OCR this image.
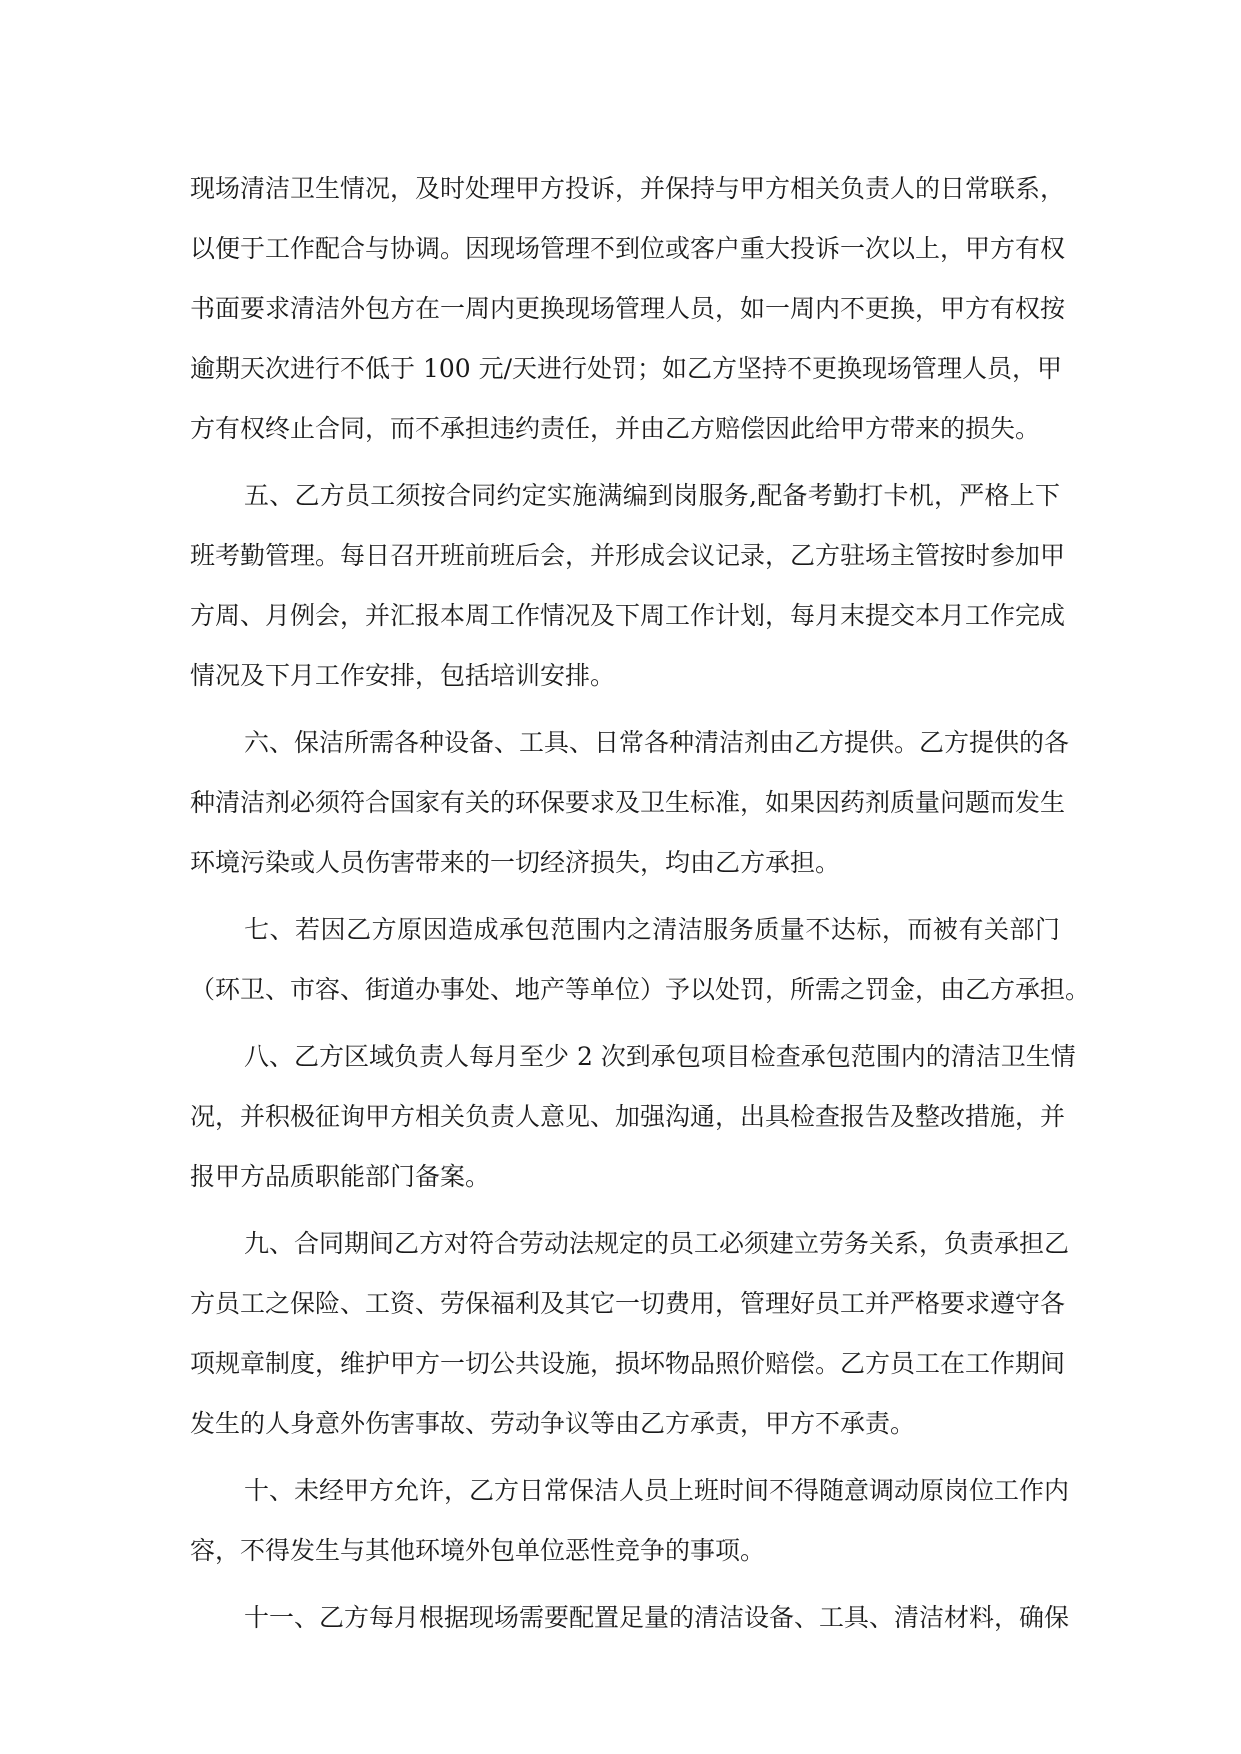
现场清洁卫生情况，及时处理甲方投诉，并保持与甲方相关负责人的日常联系，

以便于工作配合与协调。因现场管理不到位或客户重大投诉一次以上，甲方有权

书面要求清洁外包方在一周内更换现场管理人员，如一周内不更换，甲方有权按

逾期天次进行不低于 100 元/天进行处罚；如乙方坚持不更换现场管理人员，甲

方有权终止合同，而不承担违约责任，并由乙方赔偿因此给甲方带来的损失。

五、乙方员工须按合同约定实施满编到岗服务,配备考勤打卡机，严格上下

班考勤管理。每日召开班前班后会，并形成会议记录，乙方驻场主管按时参加甲

方周、月例会，并汇报本周工作情况及下周工作计划，每月末提交本月工作完成

情况及下月工作安排，包括培训安排。

六、保洁所需各种设备、工具、日常各种清洁剂由乙方提供。乙方提供的各

种清洁剂必须符合国家有关的环保要求及卫生标准，如果因药剂质量问题而发生

环境污染或人员伤害带来的一切经济损失，均由乙方承担。

七、若因乙方原因造成承包范围内之清洁服务质量不达标，而被有关部门

（环卫、市容、街道办事处、地产等单位）予以处罚，所需之罚金，由乙方承担。

八、乙方区域负责人每月至少 2 次到承包项目检查承包范围内的清洁卫生情

况，并积极征询甲方相关负责人意见、加强沟通，出具检查报告及整改措施，并

报甲方品质职能部门备案。

九、合同期间乙方对符合劳动法规定的员工必须建立劳务关系，负责承担乙

方员工之保险、工资、劳保福利及其它一切费用，管理好员工并严格要求遵守各

项规章制度，维护甲方一切公共设施，损坏物品照价赔偿。乙方员工在工作期间

发生的人身意外伤害事故、劳动争议等由乙方承责，甲方不承责。

十、未经甲方允许，乙方日常保洁人员上班时间不得随意调动原岗位工作内

容，不得发生与其他环境外包单位恶性竞争的事项。

十一、乙方每月根据现场需要配置足量的清洁设备、工具、清洁材料，确保
